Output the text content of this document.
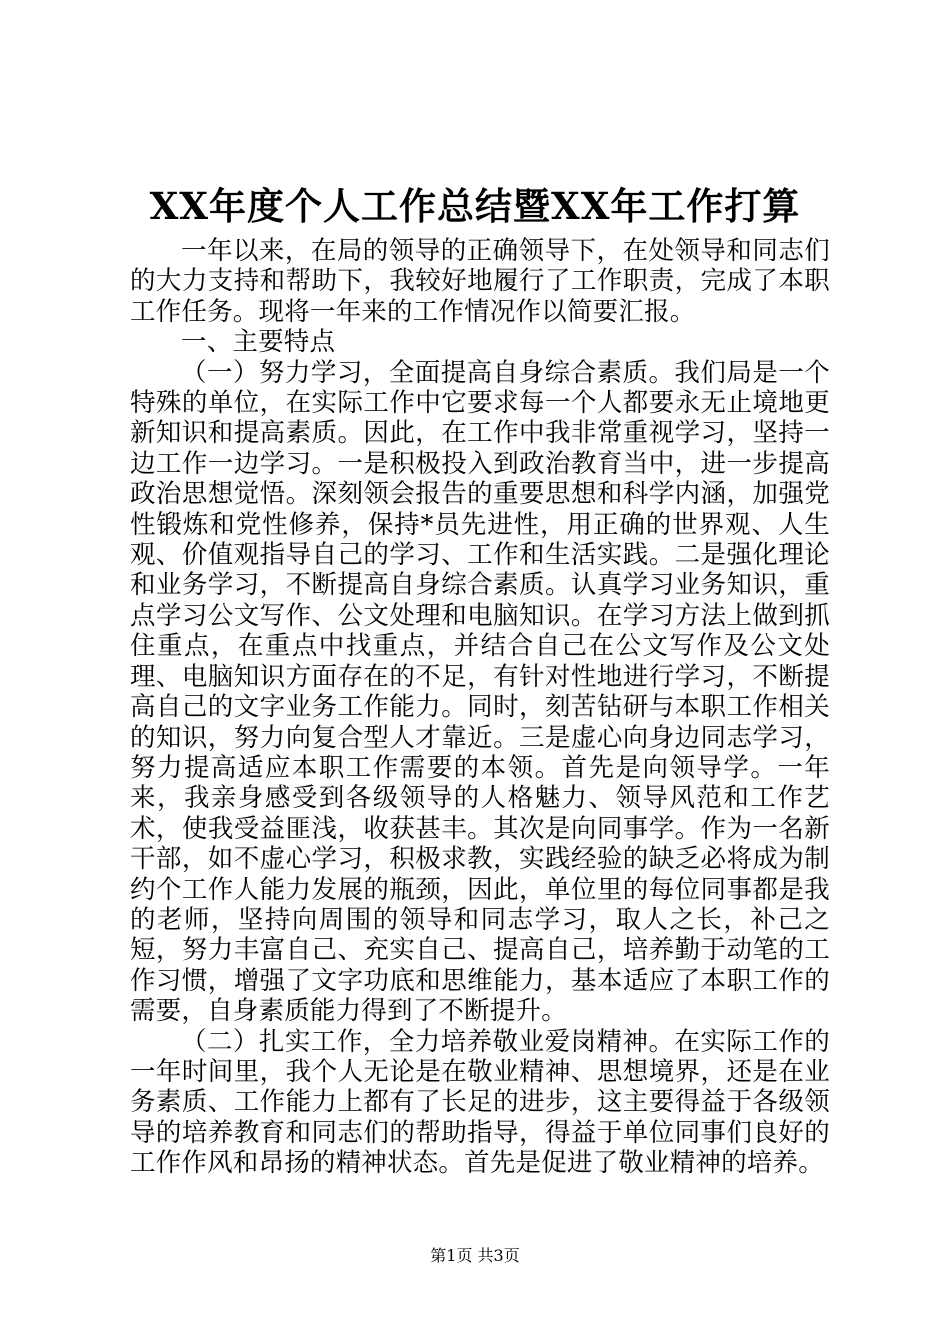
XX年度个人工作总结暨XX年工作打算

一年以来，在局的领导的正确领导下，在处领导和同志们的大力支持和帮助下，我较好地履行了工作职责，完成了本职工作任务。现将一年来的工作情况作以简要汇报。

一、主要特点

（一）努力学习，全面提高自身综合素质。我们局是一个特殊的单位，在实际工作中它要求每一个人都要永无止境地更新知识和提高素质。因此，在工作中我非常重视学习，坚持一边工作一边学习。一是积极投入到政治教育当中，进一步提高政治思想觉悟。深刻领会报告的重要思想和科学内涵，加强党性锻炼和党性修养，保持*员先进性，用正确的世界观、人生观、价值观指导自己的学习、工作和生活实践。二是强化理论和业务学习，不断提高自身综合素质。认真学习业务知识，重点学习公文写作、公文处理和电脑知识。在学习方法上做到抓住重点，在重点中找重点，并结合自己在公文写作及公文处理、电脑知识方面存在的不足，有针对性地进行学习，不断提高自己的文字业务工作能力。同时，刻苦钻研与本职工作相关的知识，努力向复合型人才靠近。三是虚心向身边同志学习，努力提高适应本职工作需要的本领。首先是向领导学。一年来，我亲身感受到各级领导的人格魅力、领导风范和工作艺术，使我受益匪浅，收获甚丰。其次是向同事学。作为一名新干部，如不虚心学习，积极求教，实践经验的缺乏必将成为制约个工作人能力发展的瓶颈，因此，单位里的每位同事都是我的老师，坚持向周围的领导和同志学习，取人之长，补己之短，努力丰富自己、充实自己、提高自己，培养勤于动笔的工作习惯，增强了文字功底和思维能力，基本适应了本职工作的需要，自身素质能力得到了不断提升。

（二）扎实工作，全力培养敬业爱岗精神。在实际工作的一年时间里，我个人无论是在敬业精神、思想境界，还是在业务素质、工作能力上都有了长足的进步，这主要得益于各级领导的培养教育和同志们的帮助指导，得益于单位同事们良好的工作作风和昂扬的精神状态。首先是促进了敬业精神的培养。

第1页 共3页
